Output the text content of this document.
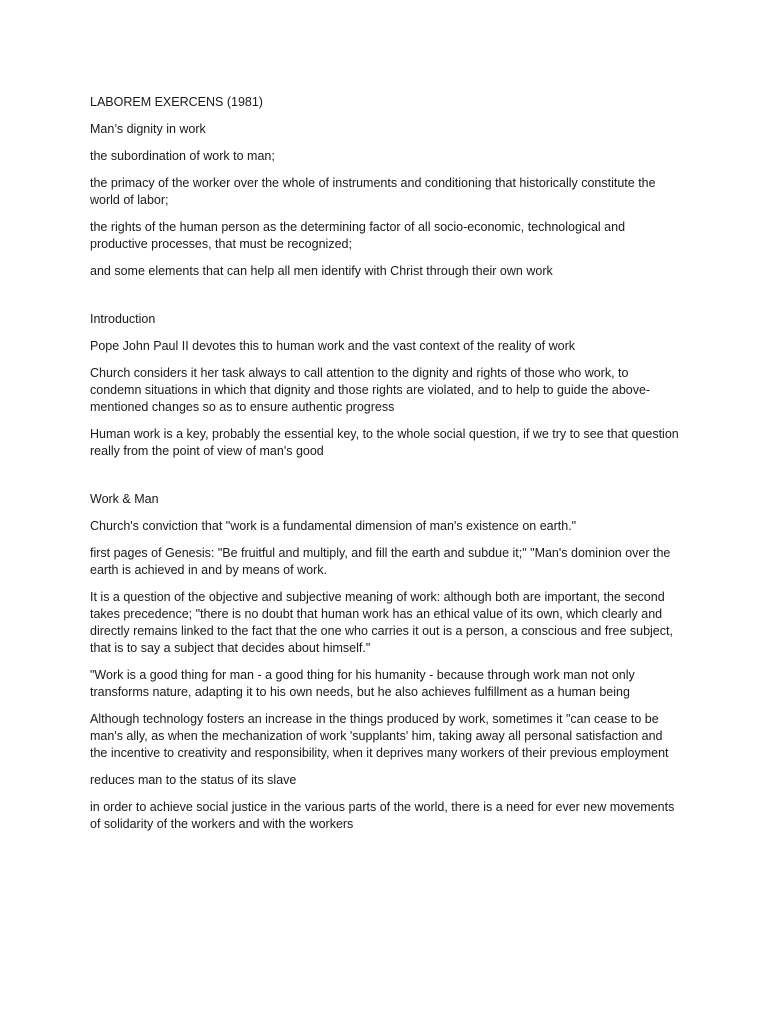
LABOREM EXERCENS (1981)

Man’s dignity in work

the subordination of work to man;

the primacy of the worker over the whole of instruments and conditioning that historically constitute the world of labor;

the rights of the human person as the determining factor of all socio-economic, technological and productive processes, that must be recognized;

and some elements that can help all men identify with Christ through their own work

Introduction

Pope John Paul II devotes this to human work and the vast context of the reality of work

Church considers it her task always to call attention to the dignity and rights of those who work, to condemn situations in which that dignity and those rights are violated, and to help to guide the above-mentioned changes so as to ensure authentic progress

Human work is a key, probably the essential key, to the whole social question, if we try to see that question really from the point of view of man's good

Work & Man

Church's conviction that "work is a fundamental dimension of man's existence on earth."

first pages of Genesis: "Be fruitful and multiply, and fill the earth and subdue it;" "Man's dominion over the earth is achieved in and by means of work.

It is a question of the objective and subjective meaning of work: although both are important, the second takes precedence; "there is no doubt that human work has an ethical value of its own, which clearly and directly remains linked to the fact that the one who carries it out is a person, a conscious and free subject, that is to say a subject that decides about himself."

"Work is a good thing for man - a good thing for his humanity - because through work man not only transforms nature, adapting it to his own needs, but he also achieves fulfillment as a human being

Although technology fosters an increase in the things produced by work, sometimes it "can cease to be man's ally, as when the mechanization of work 'supplants' him, taking away all personal satisfaction and the incentive to creativity and responsibility, when it deprives many workers of their previous employment

reduces man to the status of its slave

in order to achieve social justice in the various parts of the world, there is a need for ever new movements of solidarity of the workers and with the workers
